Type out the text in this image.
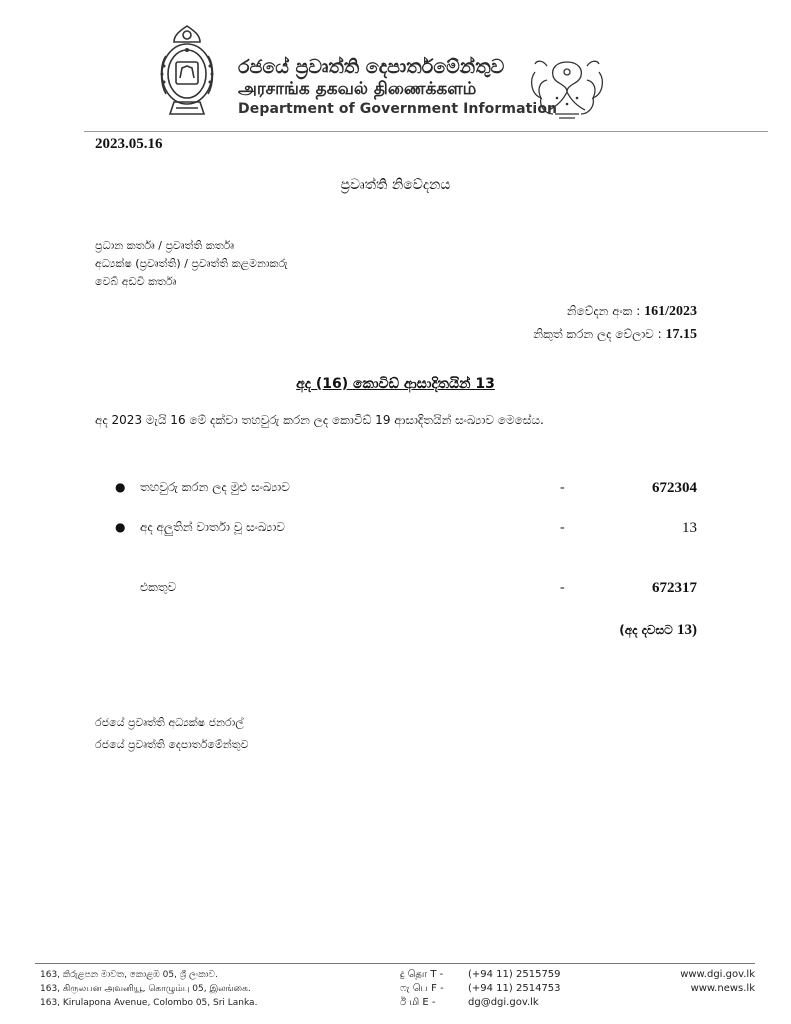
රජයේ ප්‍රවෘත්ති දෙපාර්තමේන්තුව
அரசாங்க தகவல் திணைக்களம்
Department of Government Information
2023.05.16
ප්‍රවෘත්ති නිවේදනය
ප්‍රධාන කර්තෘ / ප්‍රවෘත්ති කර්තෘ
අධ්‍යක්ෂ (ප්‍රවෘත්ති) / ප්‍රවෘත්ති කළමනාකරු
වෙබ් අඩවි කර්තෘ
නිවේදන අංක : 161/2023
නිකුත් කරන ලද වේලාව : 17.15
අද (16) කොවිඩ් ආසාදිතයින් 13
අද 2023 මැයි 16 මේ දක්වා තහවුරු කරන ලද කොවිඩ් 19 ආසාදිතයින් සංඛ්‍යාව මෙසේය.
● තහවුරු කරන ලද මුළු සංඛ්‍යාව	-	672304
● අද අලුතින් වාර්තා වූ සංඛ්‍යාව	-	13
එකතුව	-	672317
(අද දවසට 13)
රජයේ ප්‍රවෘත්ති අධ්‍යක්ෂ ජනරාල්
රජයේ ප්‍රවෘත්ති දෙපාර්තමේන්තුව
163, කිරුළපන මාවත, කොළඹ 05, ශ්‍රී ලංකාව.
163, கிருலபன அவனியூ, கொழும்பு 05, இலங்கை.
163, Kirulapona Avenue, Colombo 05, Sri Lanka.
දු தொ T - (+94 11) 2515759
ෆැ பெ F - (+94 11) 2514753
ඊ மி E -	dg@dgi.gov.lk
www.dgi.gov.lk
www.news.lk
